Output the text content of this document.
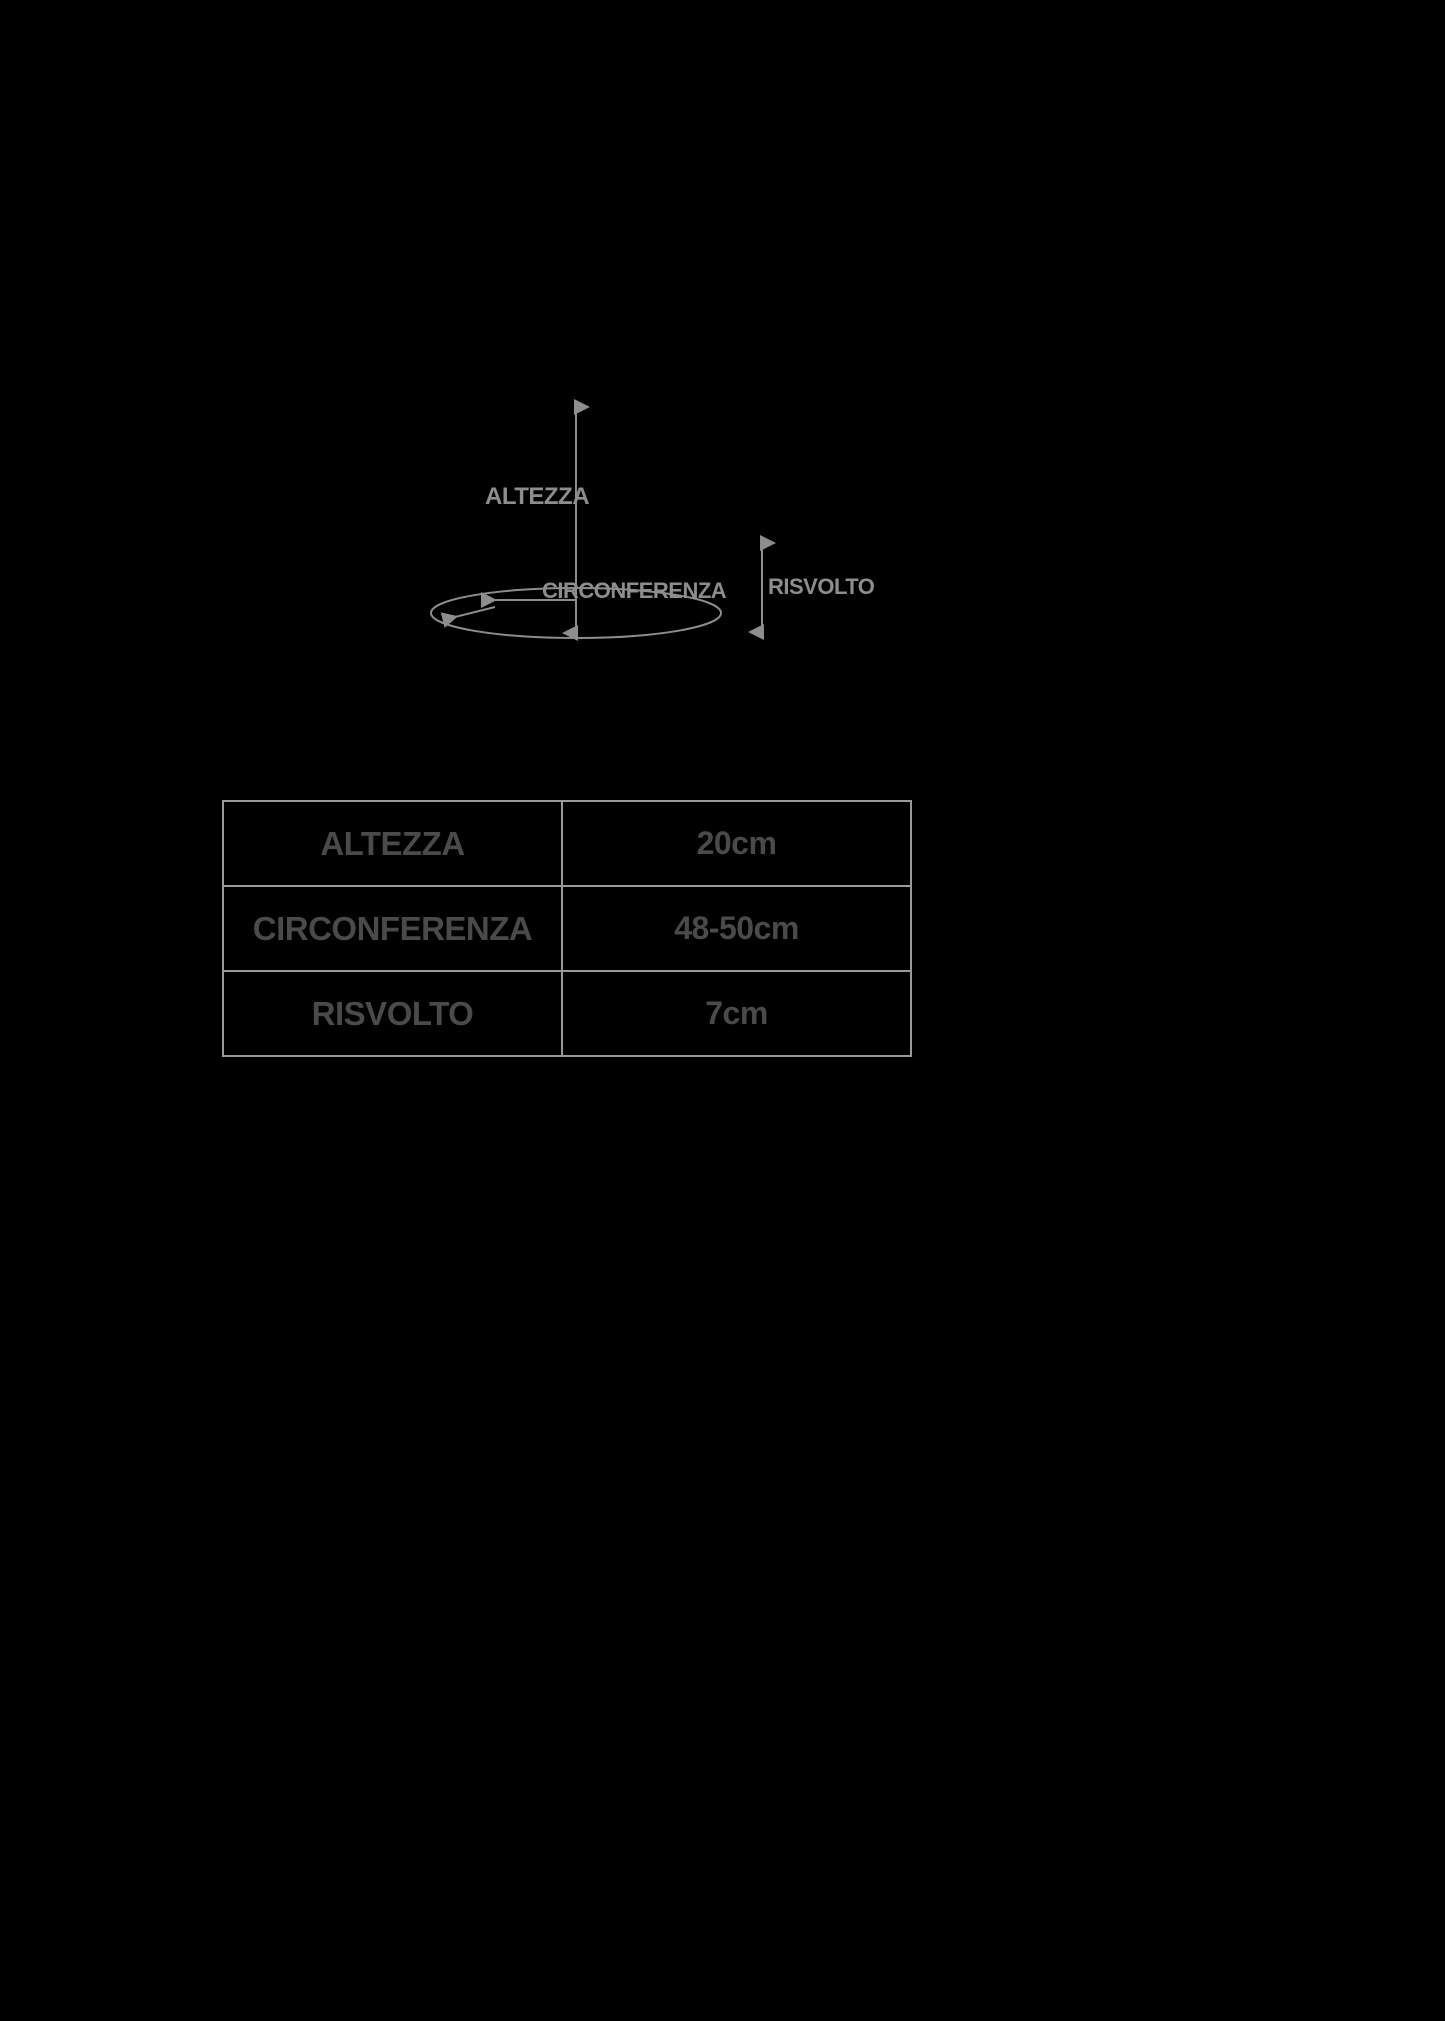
ALTEZZA
CIRCONFERENZA RISVOLTO
ALTEZZA	20cm
CIRCONFERENZA	48-50cm
RISVOLTO	7cm
